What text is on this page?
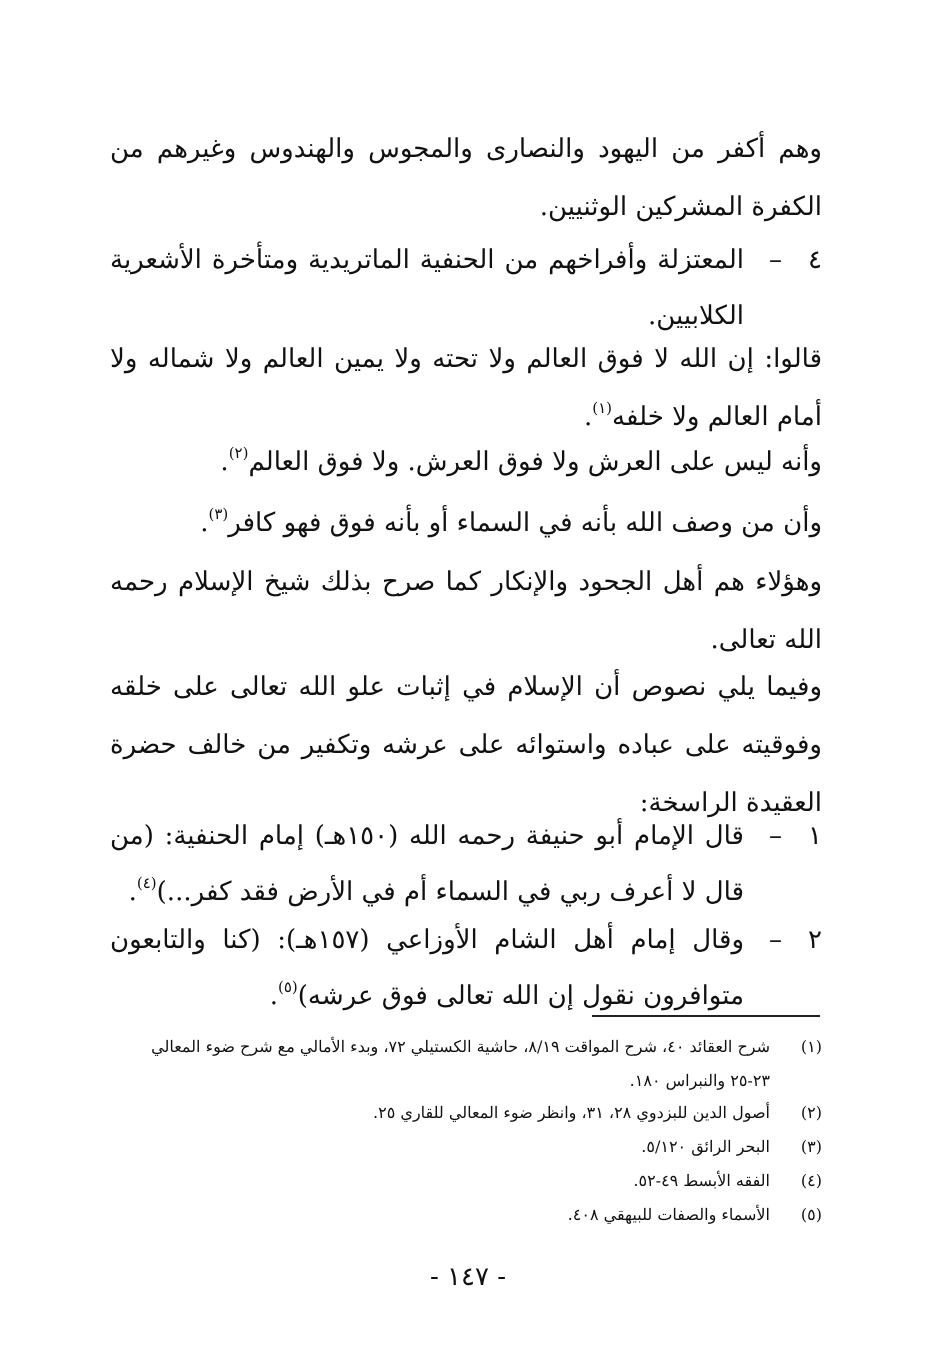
وهم أكفر من اليهود والنصارى والمجوس والهندوس وغيرهم من الكفرة المشركين الوثنيين.
٤
–
المعتزلة وأفراخهم من الحنفية الماتريدية ومتأخرة الأشعرية الكلابيين.
قالوا: إن الله لا فوق العالم ولا تحته ولا يمين العالم ولا شماله ولا أمام العالم ولا خلفه$^{(١)}$.
وأنه ليس على العرش ولا فوق العرش. ولا فوق العالم$^{(٢)}$.
وأن من وصف الله بأنه في السماء أو بأنه فوق فهو كافر$^{(٣)}$.
وهؤلاء هم أهل الجحود والإنكار كما صرح بذلك شيخ الإسلام رحمه الله تعالى.
وفيما يلي نصوص أن الإسلام في إثبات علو الله تعالى على خلقه وفوقيته على عباده واستوائه على عرشه وتكفير من خالف حضرة العقيدة الراسخة:
١
–
قال الإمام أبو حنيفة رحمه الله (١٥٠هـ) إمام الحنفية: (من قال لا أعرف ربي في السماء أم في الأرض فقد كفر...)$^{(٤)}$.
٢
–
وقال إمام أهل الشام الأوزاعي (١٥٧هـ): (كنا والتابعون متوافرون نقول إن الله تعالى فوق عرشه)$^{(٥)}$.
(١)
شرح العقائد ٤٠، شرح المواقت ٨/١٩، حاشية الكستيلي ٧٢، وبدء الأمالي مع شرح ضوء المعالي ٢٣-٢٥ والنبراس ١٨٠.
(٢)
أصول الدين للبزدوي ٢٨، ٣١، وانظر ضوء المعالي للقاري ٢٥.
(٣)
البحر الرائق ٥/١٢٠.
(٤)
الفقه الأبسط ٤٩-٥٢.
(٥)
الأسماء والصفات للبيهقي ٤٠٨.
- ١٤٧ -
